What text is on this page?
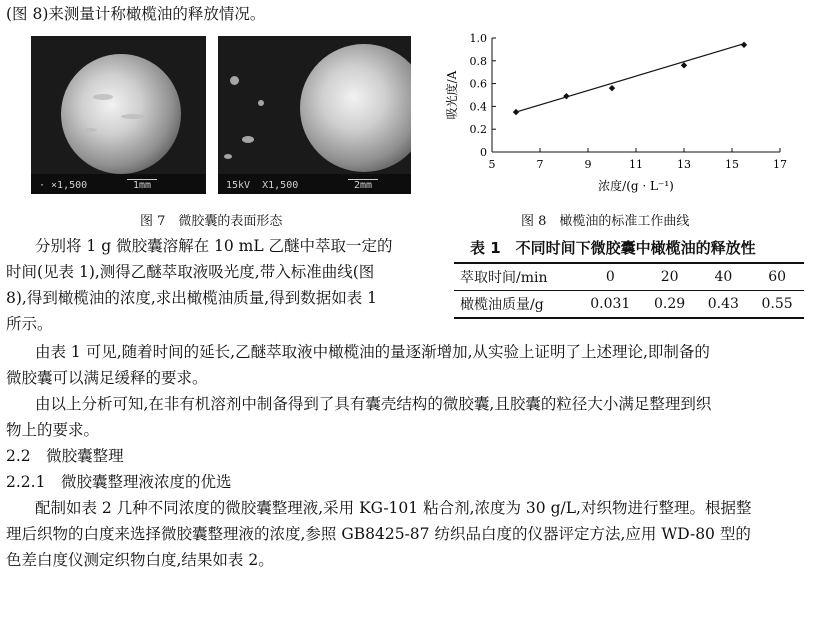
(图 8)来测量计称橄榄油的释放情况。
· ×1,500	1mm	15kV  X1,500	2mm
图 7　微胶囊的表面形态
5	7	9	11	13	15	17
0
0.2
0.4
0.6
0.8
1.0
吸光度/A
浓度/(g · L⁻¹)
图 8　橄榄油的标准工作曲线
分别将 1 g 微胶囊溶解在 10 mL 乙醚中萃取一定的
时间(见表 1),测得乙醚萃取液吸光度,带入标准曲线(图
8),得到橄榄油的浓度,求出橄榄油质量,得到数据如表 1
所示。
表 1　不同时间下微胶囊中橄榄油的释放性
萃取时间/min	0	20	40	60
橄榄油质量/g	0.031	0.29	0.43	0.55
由表 1 可见,随着时间的延长,乙醚萃取液中橄榄油的量逐渐增加,从实验上证明了上述理论,即制备的
微胶囊可以满足缓释的要求。
由以上分析可知,在非有机溶剂中制备得到了具有囊壳结构的微胶囊,且胶囊的粒径大小满足整理到织
物上的要求。
2.2　微胶囊整理
2.2.1　微胶囊整理液浓度的优选
配制如表 2 几种不同浓度的微胶囊整理液,采用 KG-101 粘合剂,浓度为 30 g/L,对织物进行整理。根据整
理后织物的白度来选择微胶囊整理液的浓度,参照 GB8425-87 纺织品白度的仪器评定方法,应用 WD-80 型的
色差白度仪测定织物白度,结果如表 2。
